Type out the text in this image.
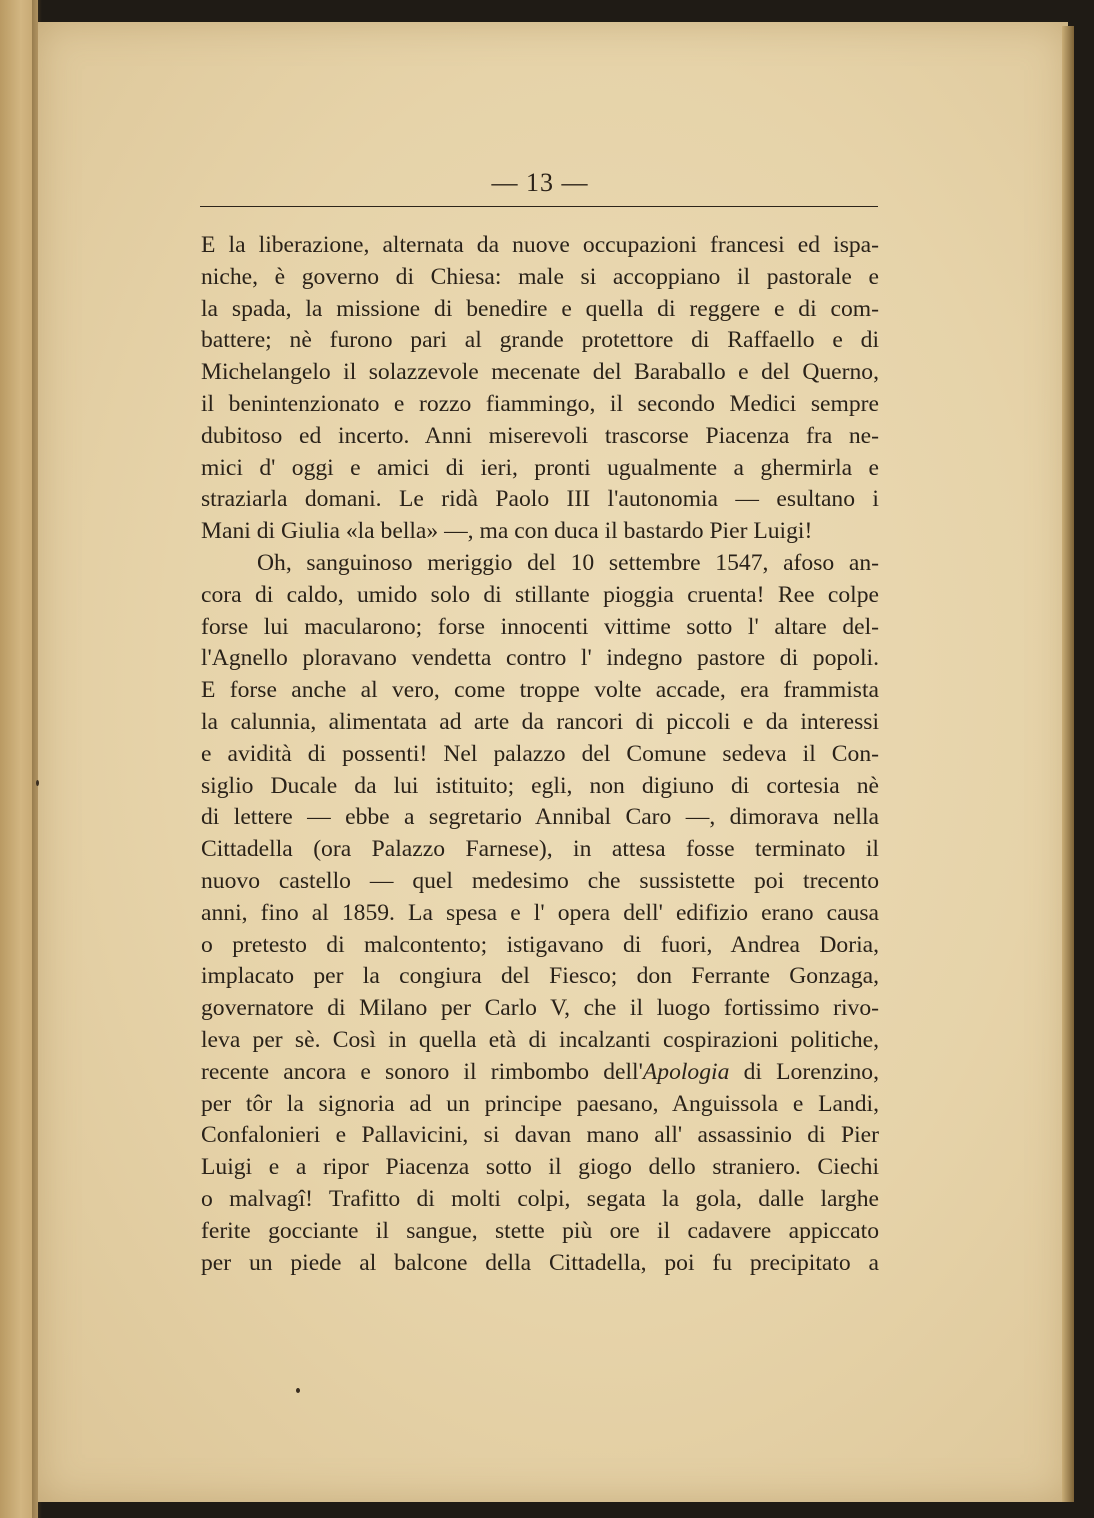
— 13 —
E la liberazione, alternata da nuove occupazioni francesi ed ispa-
niche, è governo di Chiesa: male si accoppiano il pastorale e
la spada, la missione di benedire e quella di reggere e di com-
battere; nè furono pari al grande protettore di Raffaello e di
Michelangelo il solazzevole mecenate del Baraballo e del Querno,
il benintenzionato e rozzo fiammingo, il secondo Medici sempre
dubitoso ed incerto. Anni miserevoli trascorse Piacenza fra ne-
mici d' oggi e amici di ieri, pronti ugualmente a ghermirla e
straziarla domani. Le ridà Paolo III l'autonomia — esultano i
Mani di Giulia «la bella» —, ma con duca il bastardo Pier Luigi!
Oh, sanguinoso meriggio del 10 settembre 1547, afoso an-
cora di caldo, umido solo di stillante pioggia cruenta! Ree colpe
forse lui macularono; forse innocenti vittime sotto l' altare del-
l'Agnello ploravano vendetta contro l' indegno pastore di popoli.
E forse anche al vero, come troppe volte accade, era frammista
la calunnia, alimentata ad arte da rancori di piccoli e da interessi
e avidità di possenti! Nel palazzo del Comune sedeva il Con-
siglio Ducale da lui istituito; egli, non digiuno di cortesia nè
di lettere — ebbe a segretario Annibal Caro —, dimorava nella
Cittadella (ora Palazzo Farnese), in attesa fosse terminato il
nuovo castello — quel medesimo che sussistette poi trecento
anni, fino al 1859. La spesa e l' opera dell' edifizio erano causa
o pretesto di malcontento; istigavano di fuori, Andrea Doria,
implacato per la congiura del Fiesco; don Ferrante Gonzaga,
governatore di Milano per Carlo V, che il luogo fortissimo rivo-
leva per sè. Così in quella età di incalzanti cospirazioni politiche,
recente ancora e sonoro il rimbombo dell'Apologia di Lorenzino,
per tôr la signoria ad un principe paesano, Anguissola e Landi,
Confalonieri e Pallavicini, si davan mano all' assassinio di Pier
Luigi e a ripor Piacenza sotto il giogo dello straniero. Ciechi
o malvagî! Trafitto di molti colpi, segata la gola, dalle larghe
ferite gocciante il sangue, stette più ore il cadavere appiccato
per un piede al balcone della Cittadella, poi fu precipitato a
